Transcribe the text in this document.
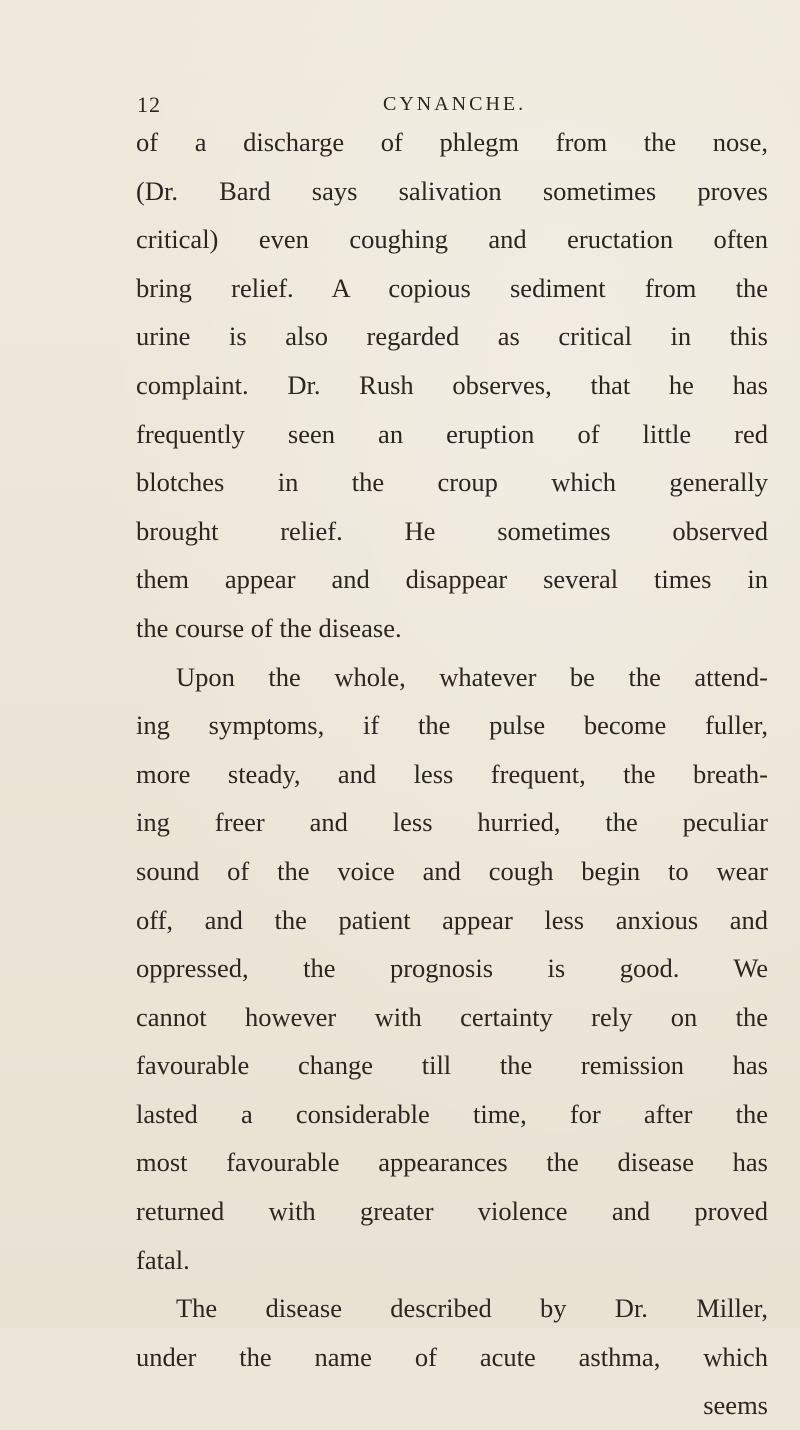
12	CYNANCHE.
of a discharge of phlegm from the nose,
(Dr. Bard says salivation sometimes proves
critical) even coughing and eructation often
bring relief. A copious sediment from the
urine is also regarded as critical in this
complaint. Dr. Rush observes, that he has
frequently seen an eruption of little red
blotches in the croup which generally
brought relief. He sometimes observed
them appear and disappear several times in
the course of the disease.
Upon the whole, whatever be the attend-
ing symptoms, if the pulse become fuller,
more steady, and less frequent, the breath-
ing freer and less hurried, the peculiar
sound of the voice and cough begin to wear
off, and the patient appear less anxious and
oppressed, the prognosis is good. We
cannot however with certainty rely on the
favourable change till the remission has
lasted a considerable time, for after the
most favourable appearances the disease has
returned with greater violence and proved
fatal.
The disease described by Dr. Miller,
under the name of acute asthma, which
seems
